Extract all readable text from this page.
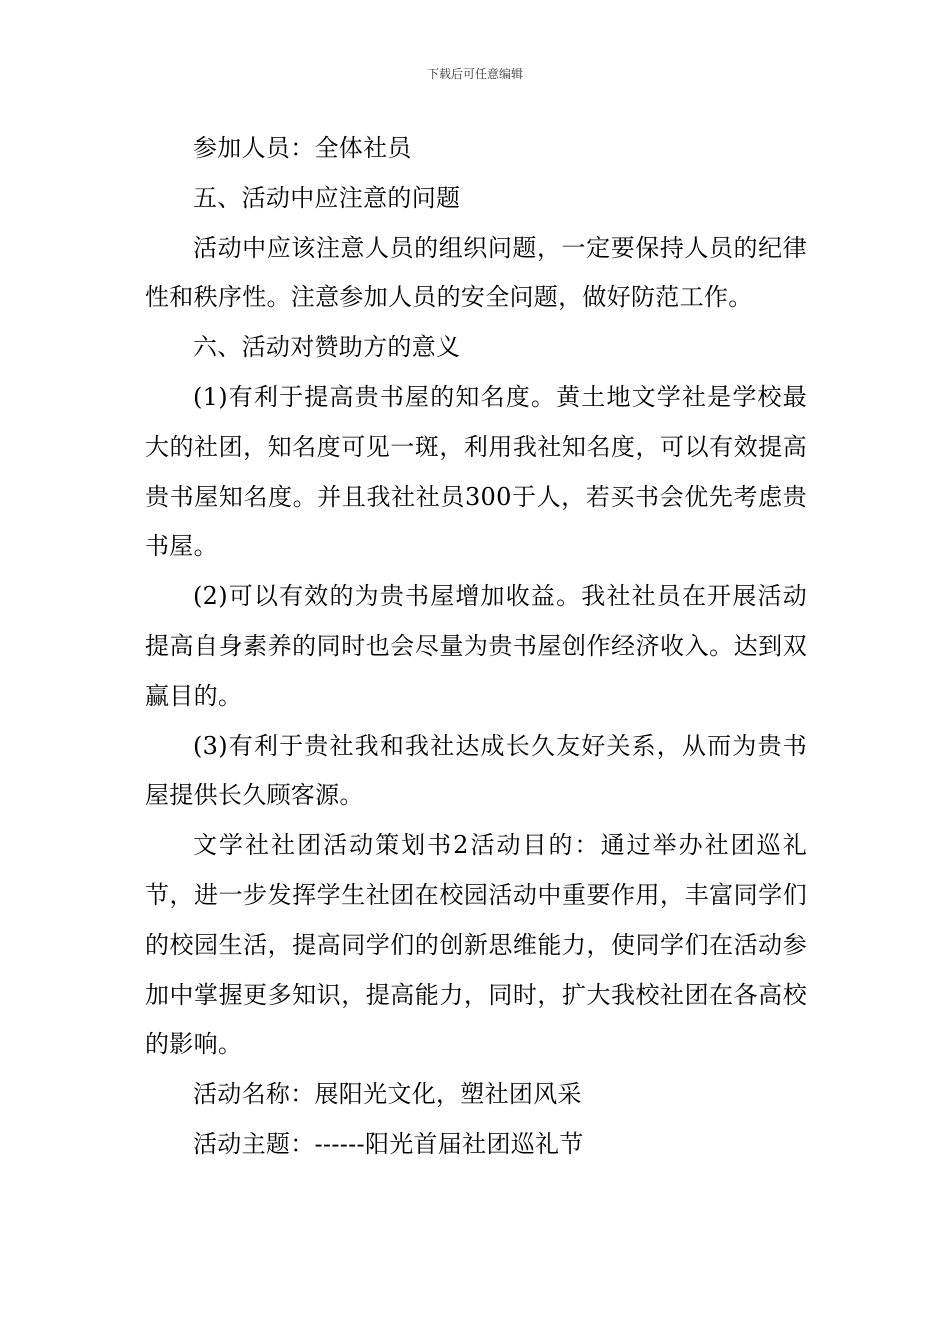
下载后可任意编辑

参加人员：全体社员

五、活动中应注意的问题

活动中应该注意人员的组织问题，一定要保持人员的纪律性和秩序性。注意参加人员的安全问题，做好防范工作。

六、活动对赞助方的意义

(1)有利于提高贵书屋的知名度。黄土地文学社是学校最大的社团，知名度可见一斑，利用我社知名度，可以有效提高贵书屋知名度。并且我社社员300于人，若买书会优先考虑贵书屋。

(2)可以有效的为贵书屋增加收益。我社社员在开展活动提高自身素养的同时也会尽量为贵书屋创作经济收入。达到双赢目的。

(3)有利于贵社我和我社达成长久友好关系，从而为贵书屋提供长久顾客源。

文学社社团活动策划书2活动目的：通过举办社团巡礼节，进一步发挥学生社团在校园活动中重要作用，丰富同学们的校园生活，提高同学们的创新思维能力，使同学们在活动参加中掌握更多知识，提高能力，同时，扩大我校社团在各高校的影响。

活动名称：展阳光文化，塑社团风采

活动主题：------阳光首届社团巡礼节
